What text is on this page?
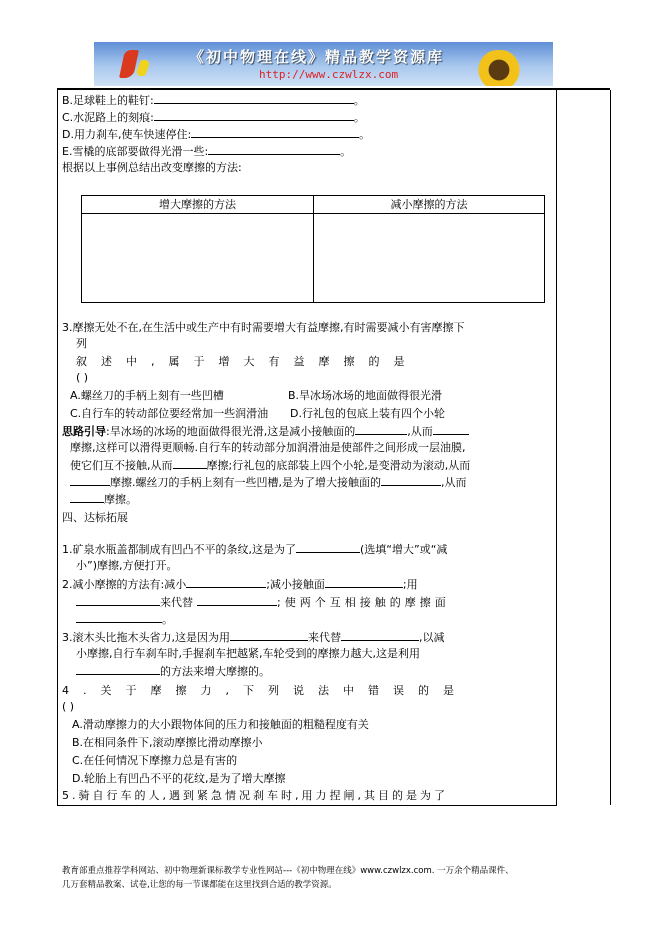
《初中物理在线》精品教学资源库
http://www.czwlzx.com
B.足球鞋上的鞋钉:	。
C.水泥路上的刻痕:	。
D.用力刹车,使车快速停住:	。
E.雪橇的底部要做得光滑一些:	。
根据以上事例总结出改变摩擦的方法:
增大摩擦的方法	减小摩擦的方法
3.摩擦无处不在,在生活中或生产中有时需要增大有益摩擦,有时需要减小有害摩擦下
列
叙述中,属于增大有益摩擦的是
( )
A.螺丝刀的手柄上刻有一些凹槽	B.旱冰场冰场的地面做得很光滑
C.自行车的转动部位要经常加一些润滑油 D.行礼包的包底上装有四个小轮
思路引导:旱冰场的冰场的地面做得很光滑,这是减小接触面的	,从而
摩擦,这样可以滑得更顺畅.自行车的转动部分加润滑油是使部件之间形成一层油膜,
使它们互不接触,从而	摩擦;行礼包的底部装上四个小轮,是变滑动为滚动,从而
摩擦.螺丝刀的手柄上刻有一些凹槽,是为了增大接触面的	,从而
摩擦。
四、达标拓展
1.矿泉水瓶盖都制成有凹凸不平的条纹,这是为了	(选填“增大”或“减
小”)摩擦,方便打开。
2.减小摩擦的方法有:减小	;减小接触面	;用
来代替	;使两个互相接触的摩擦面
。
3.滚木头比拖木头省力,这是因为用	来代替	,以减
小摩擦,自行车刹车时,手握刹车把越紧,车轮受到的摩擦力越大,这是利用
的方法来增大摩擦的。
4.关于摩擦力,下列说法中错误的是
( )
A.滑动摩擦力的大小跟物体间的压力和接触面的粗糙程度有关
B.在相同条件下,滚动摩擦比滑动摩擦小
C.在任何情况下摩擦力总是有害的
D.轮胎上有凹凸不平的花纹,是为了增大摩擦
5.骑自行车的人,遇到紧急情况刹车时,用力捏闸,其目的是为了
教育部重点推荐学科网站、初中物理新课标教学专业性网站---《初中物理在线》www.czwlzx.com. 一万余个精品课件、
几万套精品教案、试卷,让您的每一节课都能在这里找到合适的教学资源。
